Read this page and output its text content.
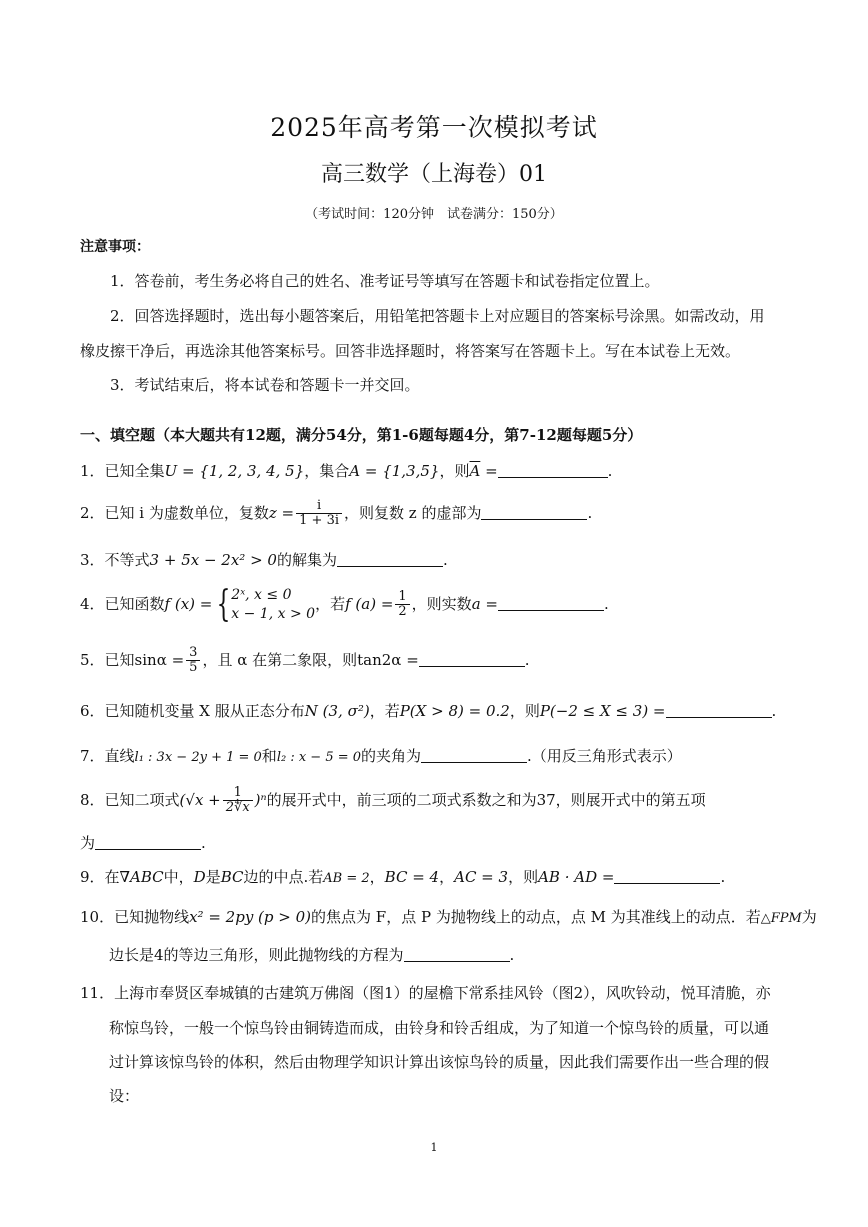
2025年高考第一次模拟考试
高三数学（上海卷）01
（考试时间：120分钟　试卷满分：150分）
注意事项：
1．答卷前，考生务必将自己的姓名、准考证号等填写在答题卡和试卷指定位置上。
2．回答选择题时，选出每小题答案后，用铅笔把答题卡上对应题目的答案标号涂黑。如需改动，用
橡皮擦干净后，再选涂其他答案标号。回答非选择题时，将答案写在答题卡上。写在本试卷上无效。
3．考试结束后，将本试卷和答题卡一并交回。
一、填空题（本大题共有12题，满分54分，第1-6题每题4分，第7-12题每题5分）
1．已知全集U = {1, 2, 3, 4, 5}，集合A = {1,3,5}，则$\overline{A}$ =	.
2．已知 i 为虚数单位，复数$z = \frac{i}{1 + 3i}$ ，则复数 z 的虚部为	.
3．不等式3 + 5x − 2x² > 0的解集为	.
4．已知函数f (x) = { 2ˣ, x ≤ 0
x − 1, x > 0
，若f $(a) = \frac{1}{2}$ ，则实数a =	.
5．已知$\sin\alpha = \frac{3}{5}$ ，且 α 在第二象限，则tan2α =	.
6．已知随机变量 X 服从正态分布N (3, σ²)，若P(X > 8) = 0.2，则P(−2 ≤ X ≤ 3) =	.
7．直线l₁ : 3x − 2y + 1 = 0和l₂ : x − 5 = 0的夹角为	.（用反三角形式表示）
8．已知二项式$(√x + \frac{1}{2∜x} )^n$的展开式中，前三项的二项式系数之和为37，则展开式中的第五项
为	.
9．在∇ABC中，D是BC边的中点.若AB = 2，BC = 4，AC = 3，则AB · AD =	.
10．已知抛物线x² = 2py (p > 0)的焦点为 F，点 P 为抛物线上的动点，点 M 为其准线上的动点．若△FPM为
边长是4的等边三角形，则此抛物线的方程为	.
11．上海市奉贤区奉城镇的古建筑万佛阁（图1）的屋檐下常系挂风铃（图2），风吹铃动，悦耳清脆，亦
称惊鸟铃，一般一个惊鸟铃由铜铸造而成，由铃身和铃舌组成，为了知道一个惊鸟铃的质量，可以通
过计算该惊鸟铃的体积，然后由物理学知识计算出该惊鸟铃的质量，因此我们需要作出一些合理的假
设：
1
